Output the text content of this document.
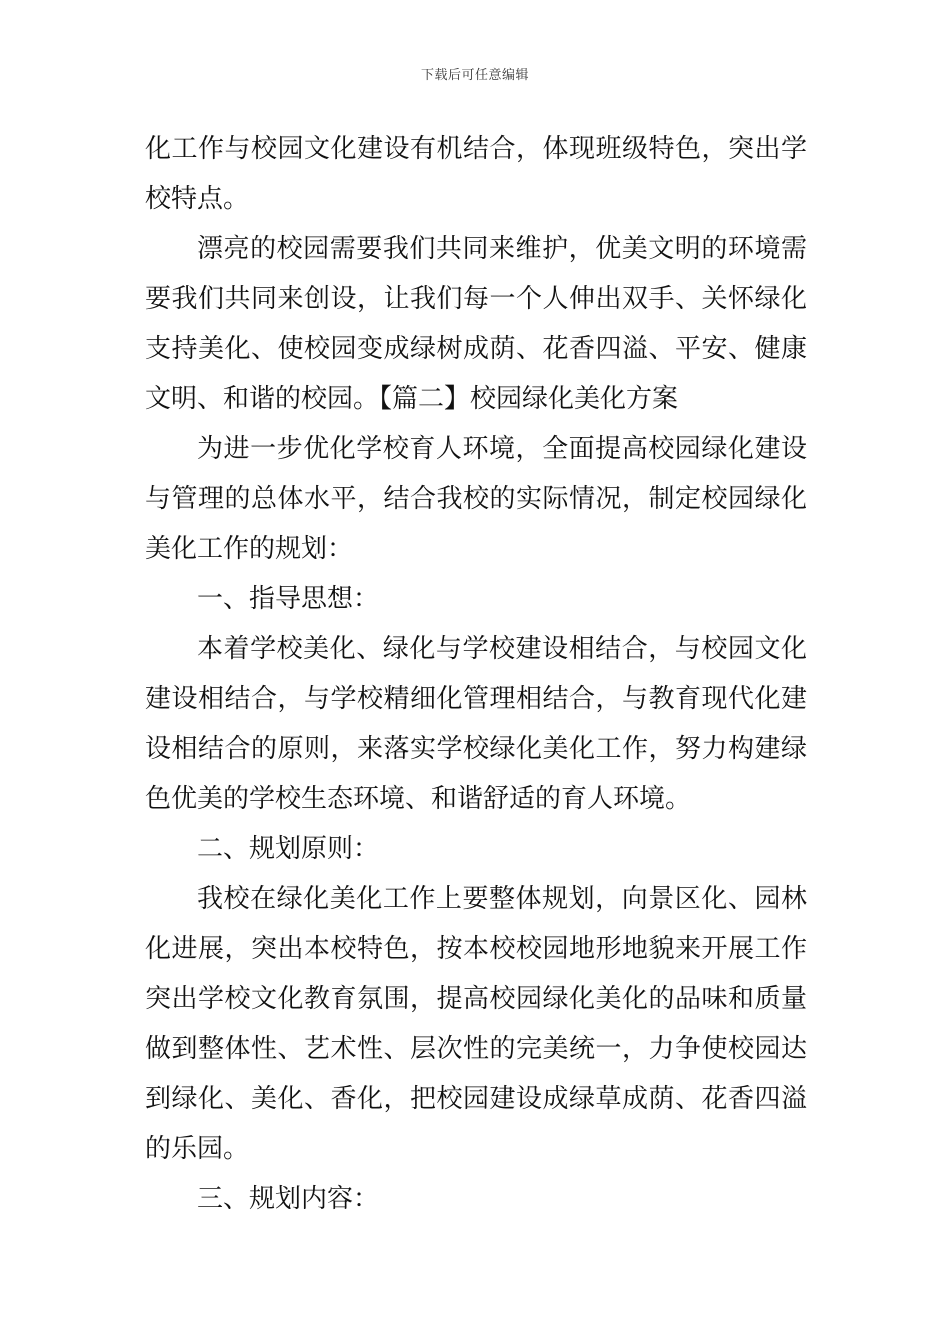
下载后可任意编辑
化工作与校园文化建设有机结合，体现班级特色，突出学
校特点。
漂亮的校园需要我们共同来维护，优美文明的环境需
要我们共同来创设，让我们每一个人伸出双手、关怀绿化
支持美化、使校园变成绿树成荫、花香四溢、平安、健康
文明、和谐的校园。【篇二】校园绿化美化方案
为进一步优化学校育人环境，全面提高校园绿化建设
与管理的总体水平，结合我校的实际情况，制定校园绿化
美化工作的规划：
一、指导思想：
本着学校美化、绿化与学校建设相结合，与校园文化
建设相结合，与学校精细化管理相结合，与教育现代化建
设相结合的原则，来落实学校绿化美化工作，努力构建绿
色优美的学校生态环境、和谐舒适的育人环境。
二、规划原则：
我校在绿化美化工作上要整体规划，向景区化、园林
化进展，突出本校特色，按本校校园地形地貌来开展工作
突出学校文化教育氛围，提高校园绿化美化的品味和质量
做到整体性、艺术性、层次性的完美统一，力争使校园达
到绿化、美化、香化，把校园建设成绿草成荫、花香四溢
的乐园。
三、规划内容：
